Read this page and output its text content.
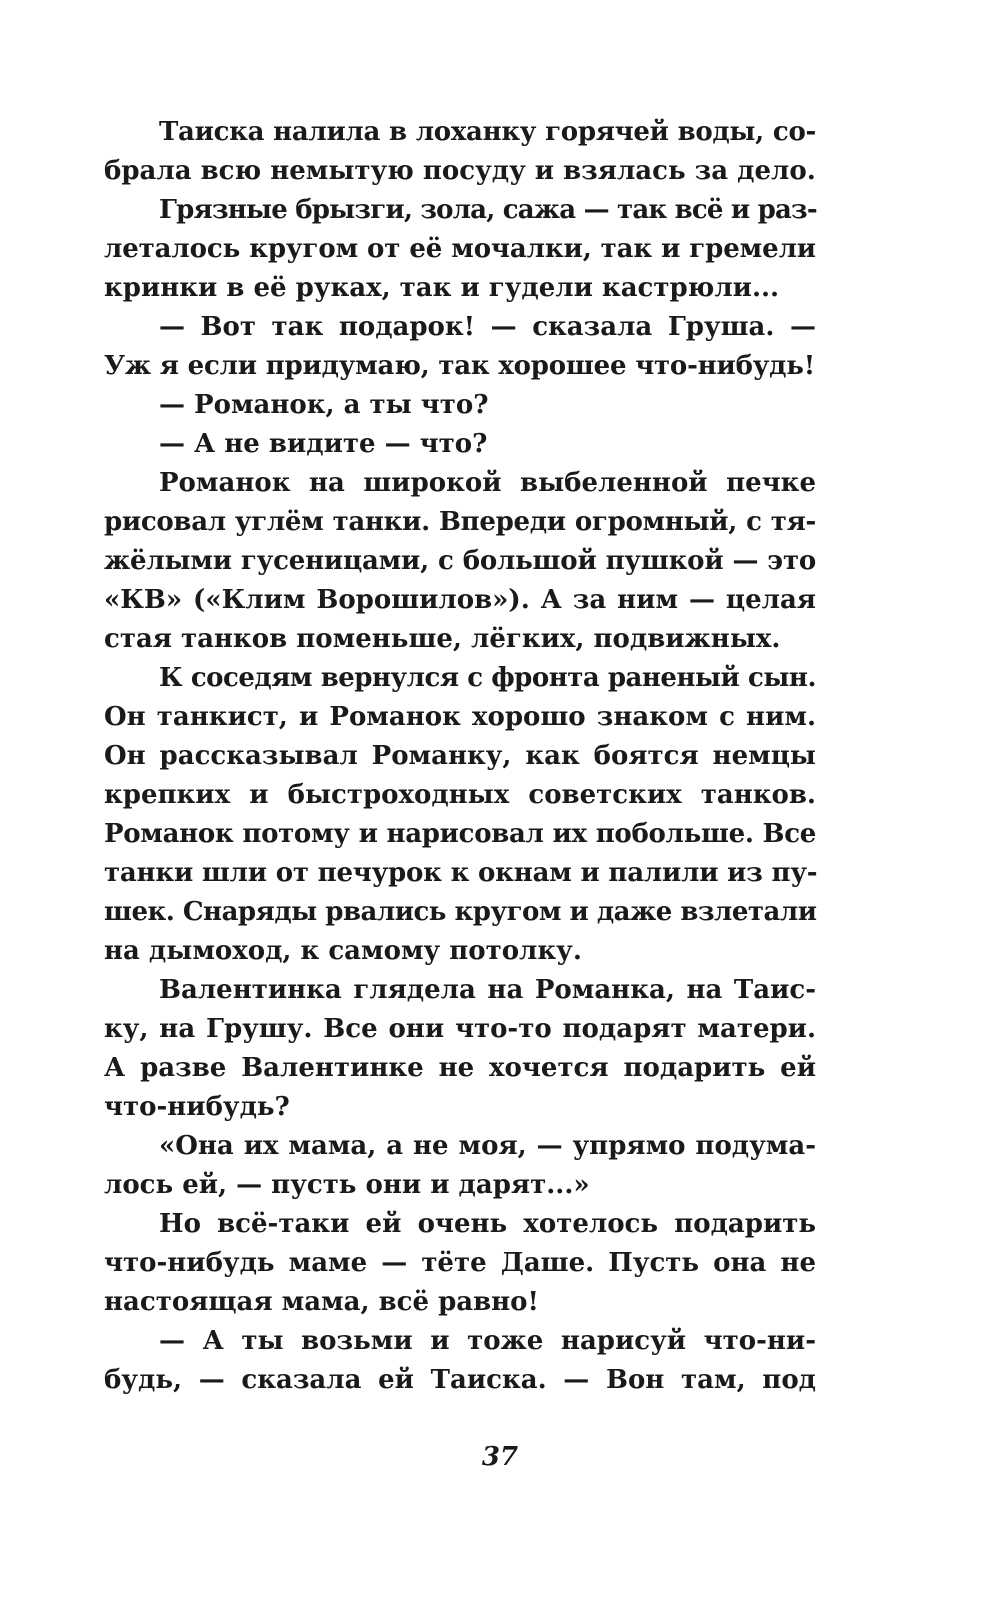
Таиска налила в лоханку горячей воды, со-
брала всю немытую посуду и взялась за дело.
Грязные брызги, зола, сажа — так всё и раз-
леталось кругом от её мочалки, так и гремели
кринки в её руках, так и гудели кастрюли...
— Вот так подарок! — сказала Груша. —
Уж я если придумаю, так хорошее что-нибудь!
— Романок, а ты что?
— А не видите — что?
Романок на широкой выбеленной печке
рисовал углём танки. Впереди огромный, с тя-
жёлыми гусеницами, с большой пушкой — это
«КВ» («Клим Ворошилов»). А за ним — целая
стая танков поменьше, лёгких, подвижных.
К соседям вернулся с фронта раненый сын.
Он танкист, и Романок хорошо знаком с ним.
Он рассказывал Романку, как боятся немцы
крепких и быстроходных советских танков.
Романок потому и нарисовал их побольше. Все
танки шли от печурок к окнам и палили из пу-
шек. Снаряды рвались кругом и даже взлетали
на дымоход, к самому потолку.
Валентинка глядела на Романка, на Таис-
ку, на Грушу. Все они что-то подарят матери.
А разве Валентинке не хочется подарить ей
что-нибудь?
«Она их мама, а не моя, — упрямо подума-
лось ей, — пусть они и дарят...»
Но всё-таки ей очень хотелось подарить
что-нибудь маме — тёте Даше. Пусть она не
настоящая мама, всё равно!
— А ты возьми и тоже нарисуй что-ни-
будь, — сказала ей Таиска. — Вон там, под
37
